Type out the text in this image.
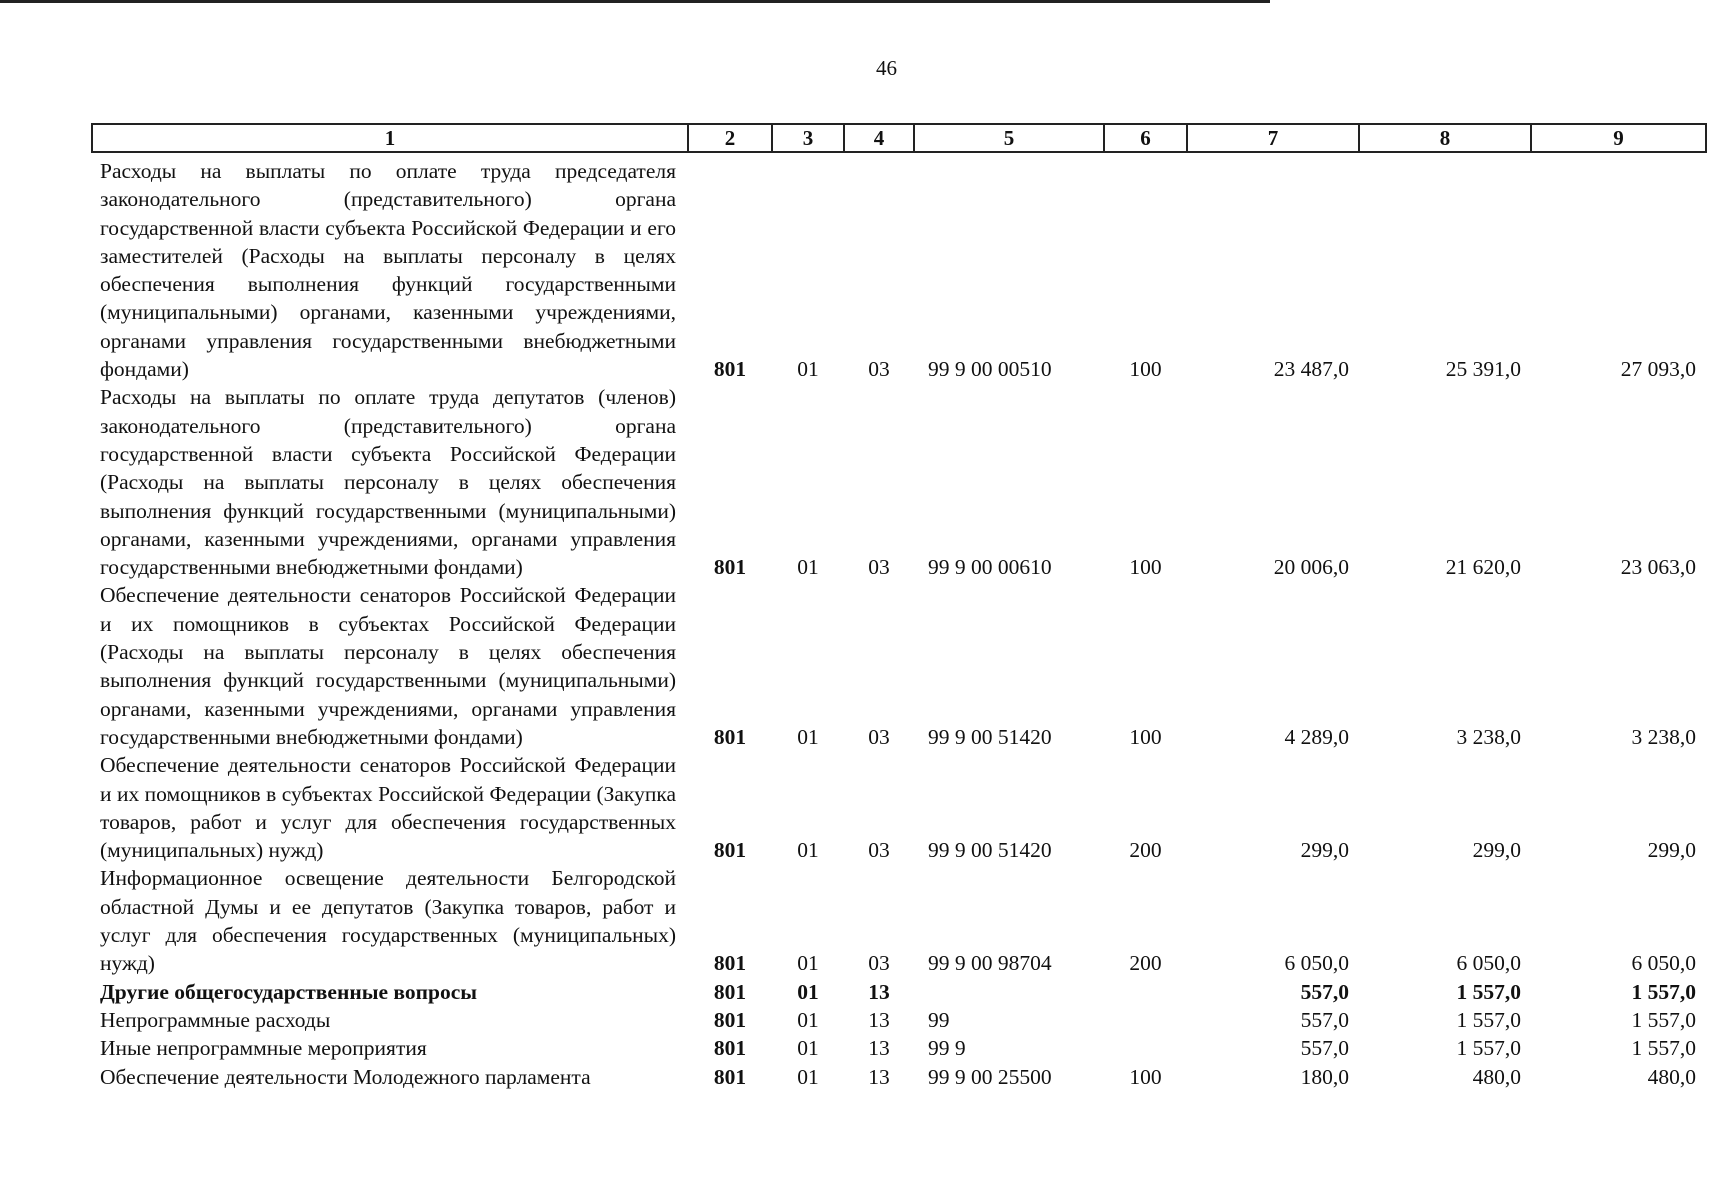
46
1	2	3	4	5	6	7	8	9
Расходы на выплаты по оплате труда председателя законодательного (представительного) органа государственной власти субъекта Российской Федерации и его заместителей (Расходы на выплаты персоналу в целях обеспечения выполнения функций государственными (муниципальными) органами, казенными учреждениями, органами управления государственными внебюджетными фондами)	801	01	03	99 9 00 00510	100	23 487,0	25 391,0	27 093,0
Расходы на выплаты по оплате труда депутатов (членов) законодательного (представительного) органа государственной власти субъекта Российской Федерации (Расходы на выплаты персоналу в целях обеспечения выполнения функций государственными (муниципальными) органами, казенными учреждениями, органами управления государственными внебюджетными фондами)	801	01	03	99 9 00 00610	100	20 006,0	21 620,0	23 063,0
Обеспечение деятельности сенаторов Российской Федерации и их помощников в субъектах Российской Федерации (Расходы на выплаты персоналу в целях обеспечения выполнения функций государственными (муниципальными) органами, казенными учреждениями, органами управления государственными внебюджетными фондами)	801	01	03	99 9 00 51420	100	4 289,0	3 238,0	3 238,0
Обеспечение деятельности сенаторов Российской Федерации и их помощников в субъектах Российской Федерации (Закупка товаров, работ и услуг для обеспечения государственных (муниципальных) нужд)	801	01	03	99 9 00 51420	200	299,0	299,0	299,0
Информационное освещение деятельности Белгородской областной Думы и ее депутатов (Закупка товаров, работ и услуг для обеспечения государственных (муниципальных) нужд)	801	01	03	99 9 00 98704	200	6 050,0	6 050,0	6 050,0
Другие общегосударственные вопросы	801	01	13			557,0	1 557,0	1 557,0
Непрограммные расходы	801	01	13	99		557,0	1 557,0	1 557,0
Иные непрограммные мероприятия	801	01	13	99 9		557,0	1 557,0	1 557,0
Обеспечение деятельности Молодежного парламента	801	01	13	99 9 00 25500	100	180,0	480,0	480,0
